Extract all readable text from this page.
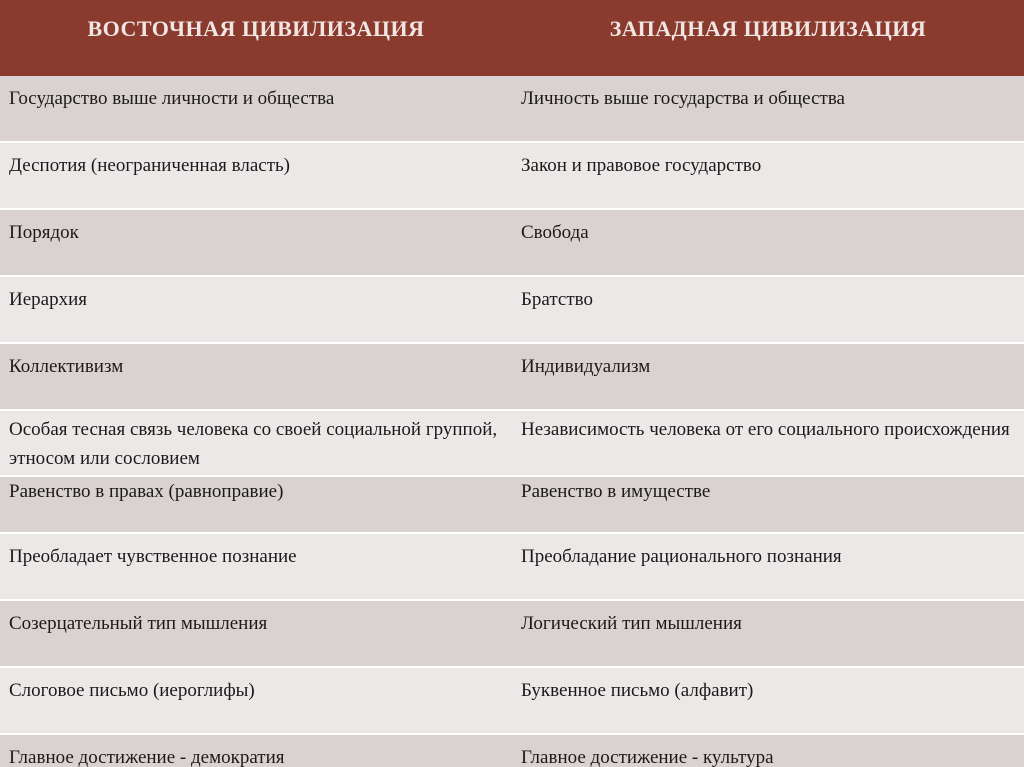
ВОСТОЧНАЯ ЦИВИЛИЗАЦИЯ	ЗАПАДНАЯ ЦИВИЛИЗАЦИЯ
Государство выше личности и общества	Личность выше государства и общества
Деспотия (неограниченная власть)	Закон и правовое государство
Порядок	Свобода
Иерархия	Братство
Коллективизм	Индивидуализм
Особая тесная связь человека со своей социальной группой, этносом или сословием	Независимость человека от его социального происхождения
Равенство в правах (равноправие)	Равенство в имуществе
Преобладает чувственное познание	Преобладание рационального познания
Созерцательный тип мышления	Логический тип мышления
Слоговое письмо (иероглифы)	Буквенное письмо (алфавит)
Главное достижение - демократия	Главное достижение - культура
